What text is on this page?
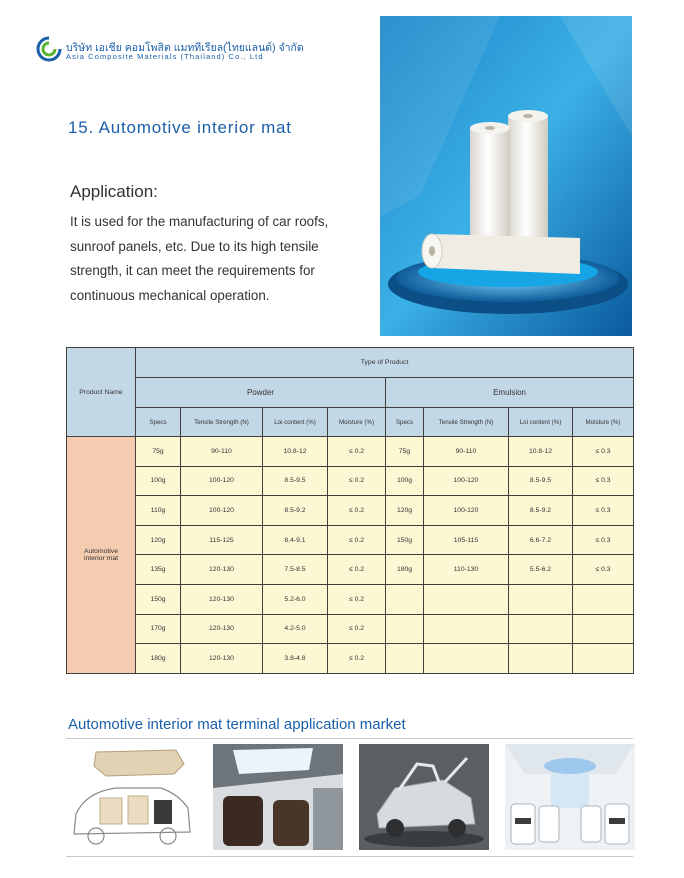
บริษัท เอเชีย คอมโพสิต แมททีเรียล(ไทยแลนด์) จำกัด
Asia Composite Materials (Thailand) Co., Ltd
15. Automotive interior mat
Application:
It is used for the manufacturing of car roofs,
sunroof panels, etc. Due to its high tensile
strength, it can meet the requirements for
continuous mechanical operation.
Product Name	Type of Product							
	Powder				Emulsion			
	Specs	Tensile Strength (N)	Loi content (%)	Moisture (%)	Specs	Tensile Strength (N)	Loi content (%)	Moisture (%)

Automotive
interior mat	75g	90-110	10.8-12	≤ 0.2	75g	90-110	10.8-12	≤ 0.3
	100g	100-120	8.5-9.5	≤ 0.2	100g	100-120	8.5-9.5	≤ 0.3
	110g	100-120	8.5-9.2	≤ 0.2	120g	100-120	8.5-9.2	≤ 0.3
	120g	115-125	8.4-9.1	≤ 0.2	150g	105-115	6.6-7.2	≤ 0.3
	135g	120-130	7.5-8.5	≤ 0.2	180g	110-130	5.5-6.2	≤ 0.3
	150g	120-130	5.2-6.0	≤ 0.2				
	170g	120-130	4.2-5.0	≤ 0.2				
	180g	120-130	3.8-4.8	≤ 0.2				
Automotive interior mat terminal application market
